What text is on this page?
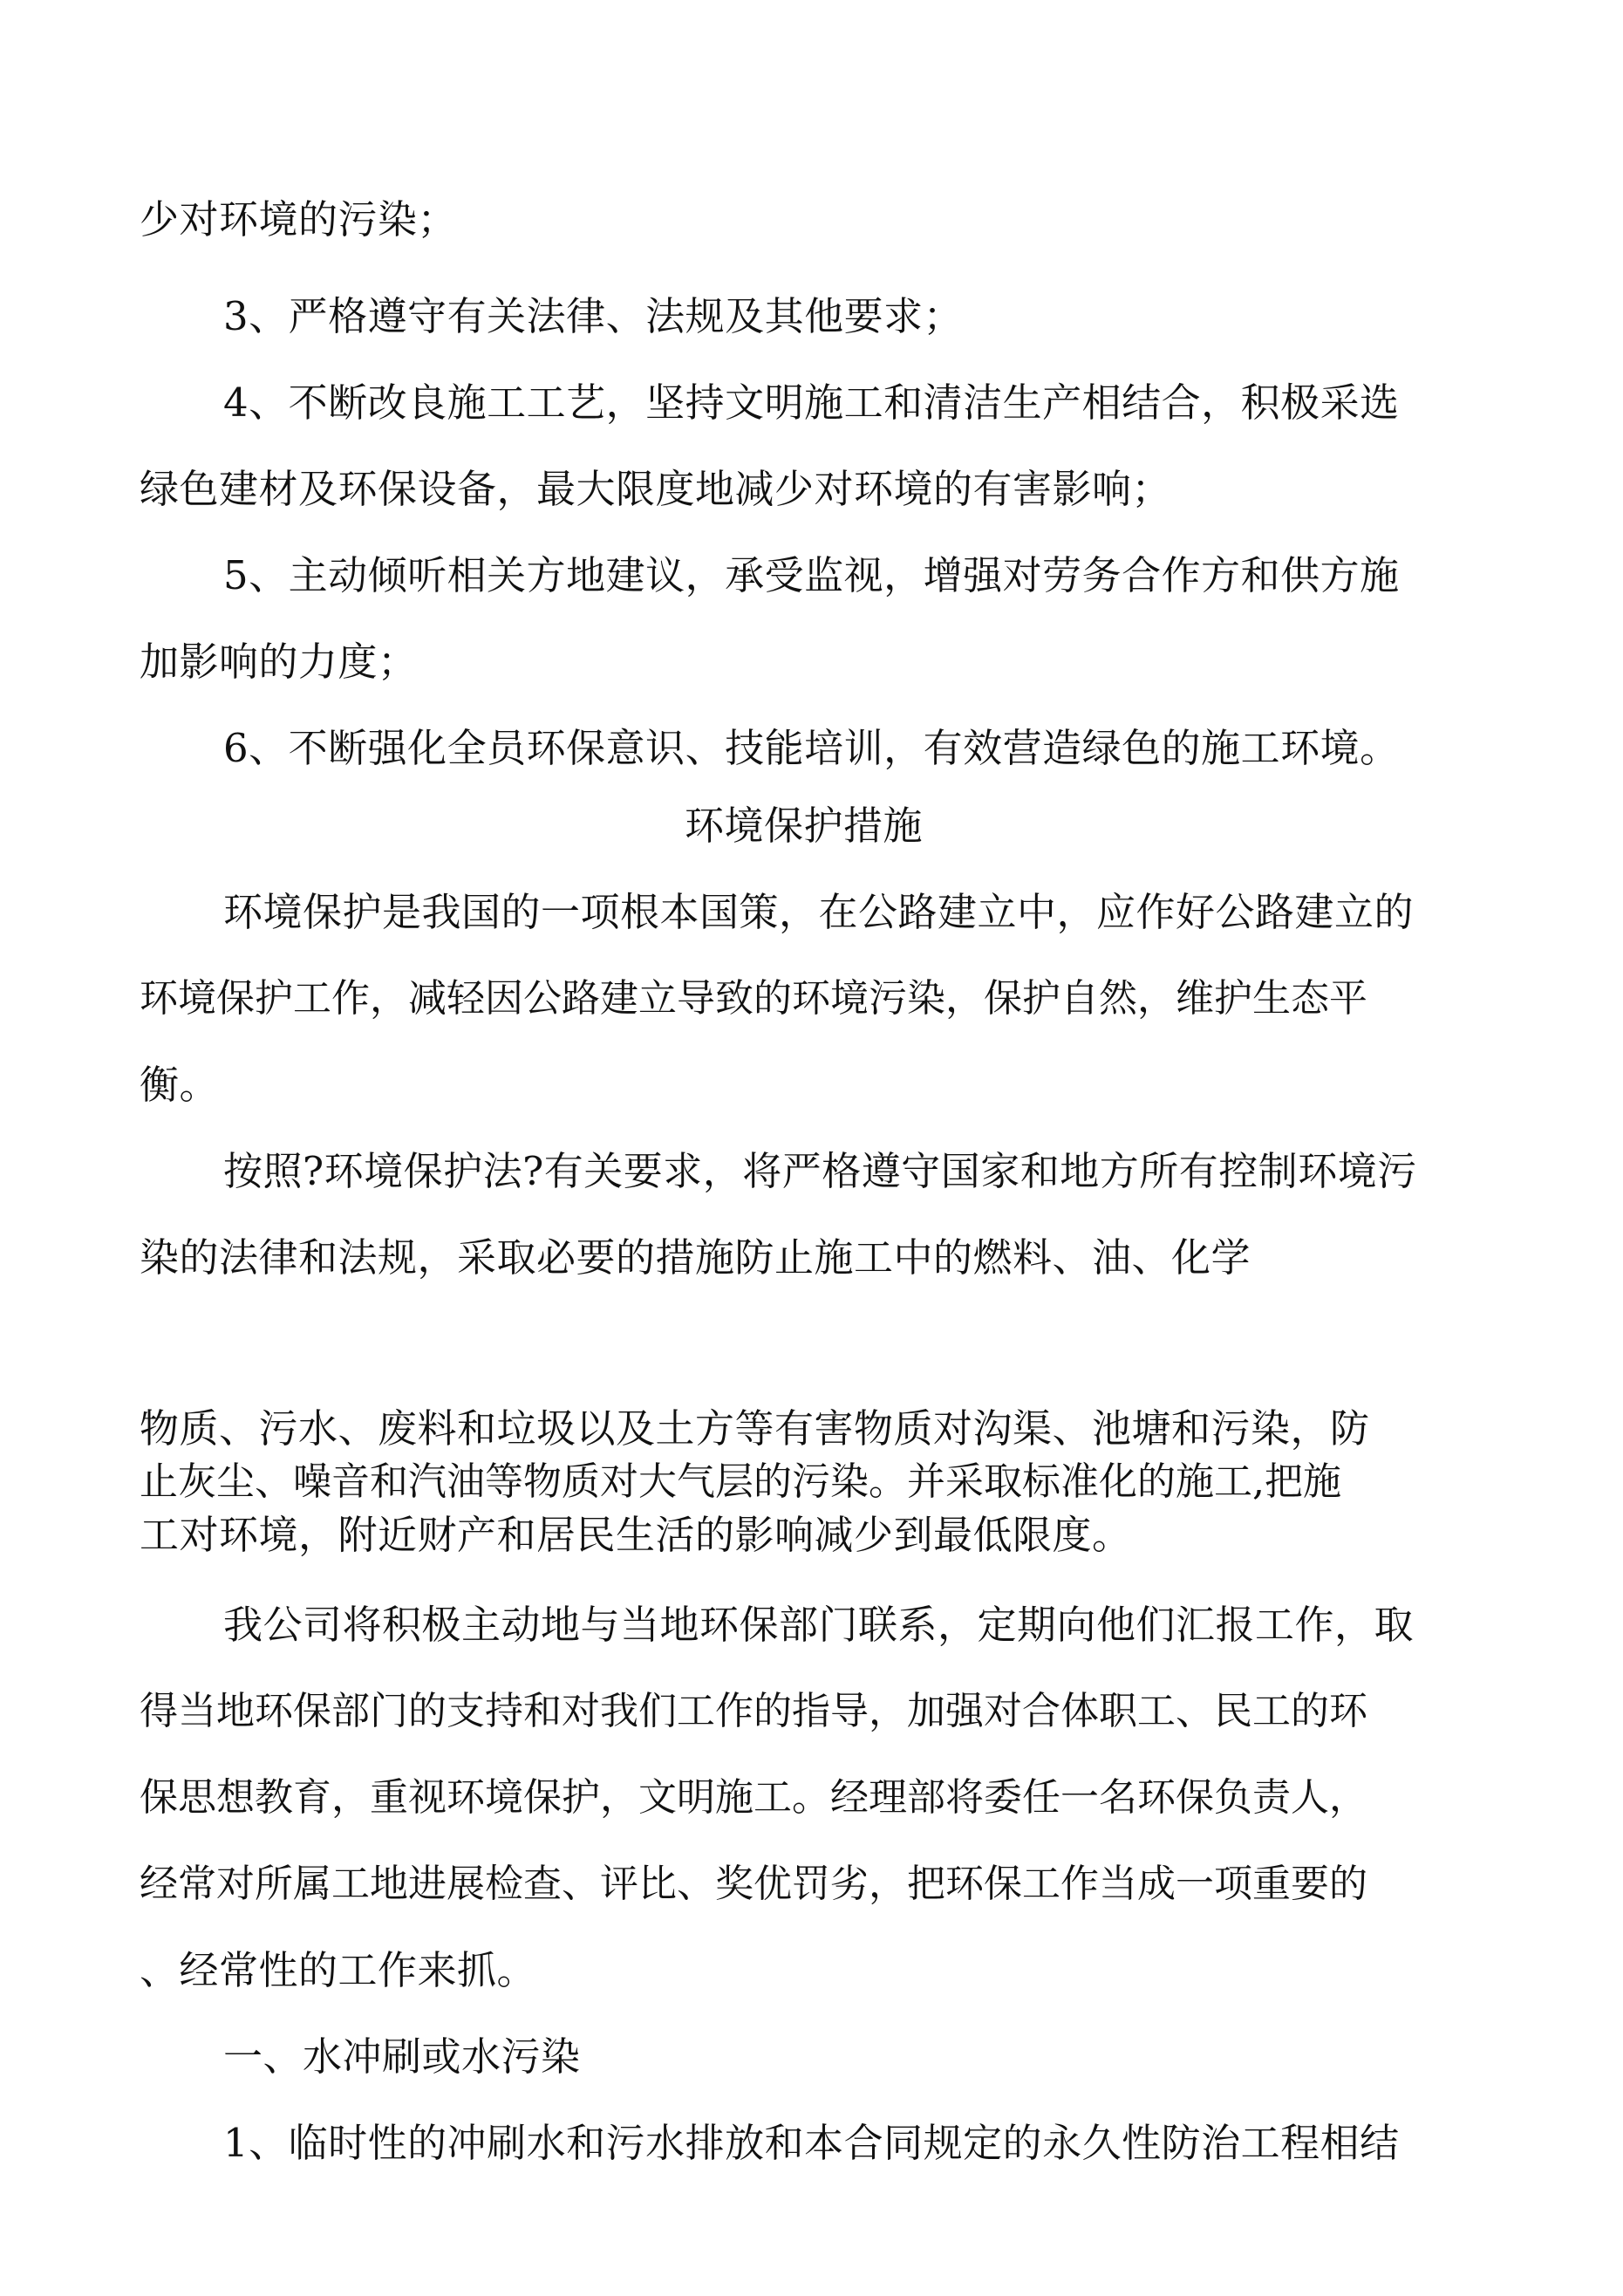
少对环境的污染；

3、严格遵守有关法律、法规及其他要求；

4、不断改良施工工艺，坚持文明施工和清洁生产相结合，积极采选

绿色建材及环保设备，最大限度地减少对环境的有害影响；

5、主动倾听相关方地建议，承受监视，增强对劳务合作方和供方施

加影响的力度；

6、不断强化全员环保意识、技能培训，有效营造绿色的施工环境。

环境保护措施

环境保护是我国的一项根本国策，在公路建立中，应作好公路建立的

环境保护工作，减轻因公路建立导致的环境污染，保护自然，维护生态平

衡。

按照?环境保护法?有关要求，将严格遵守国家和地方所有控制环境污

染的法律和法规，采取必要的措施防止施工中的燃料、油、化学

物质、污水、废料和垃圾以及土方等有害物质对沟渠、池塘和污染，防

止灰尘、噪音和汽油等物质对大气层的污染。并采取标准化的施工,把施

工对环境，附近财产和居民生活的影响减少到最低限度。

我公司将积极主动地与当地环保部门联系，定期向他们汇报工作，取

得当地环保部门的支持和对我们工作的指导，加强对合体职工、民工的环

保思想教育，重视环境保护，文明施工。经理部将委任一名环保负责人，

经常对所属工地进展检查、评比、奖优罚劣，把环保工作当成一项重要的

、经常性的工作来抓。

一、水冲刷或水污染

1、临时性的冲刷水和污水排放和本合同规定的永久性防治工程相结
